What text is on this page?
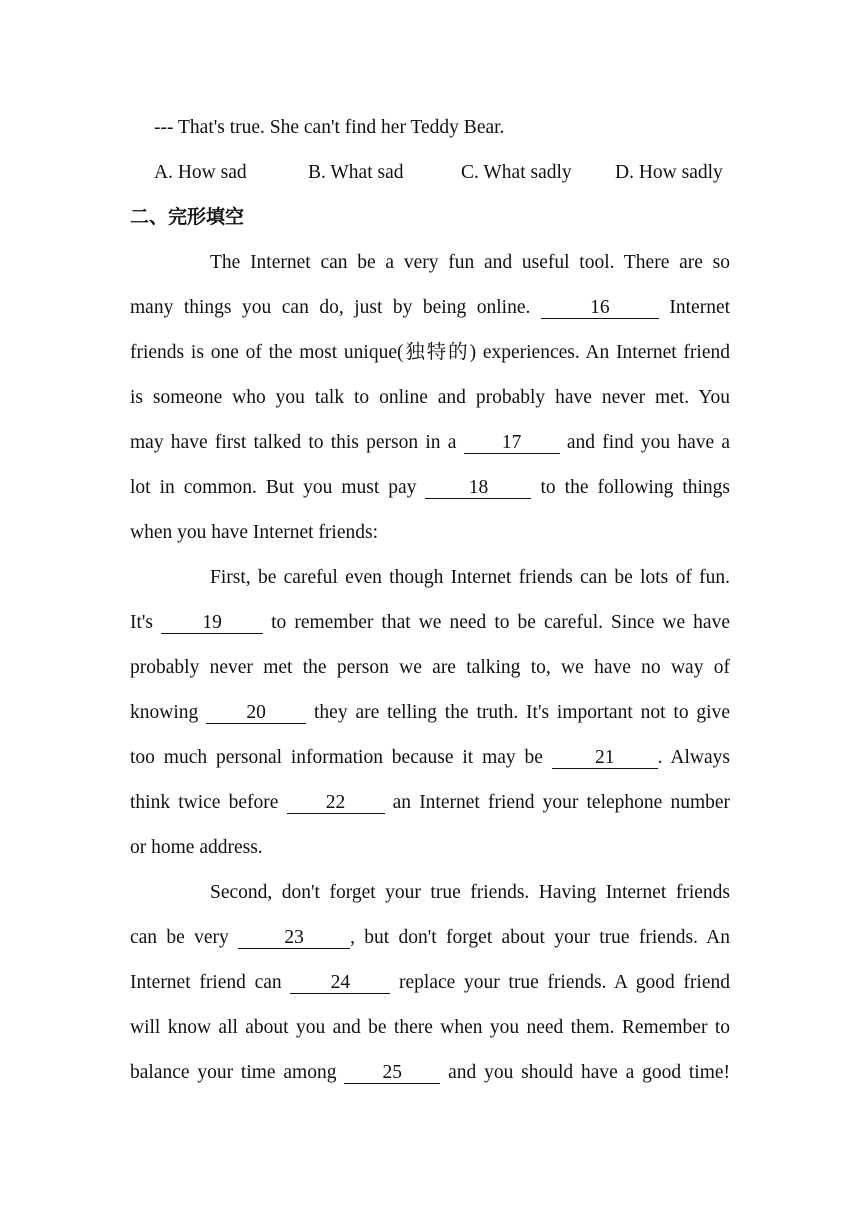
--- That's true. She can't find her Teddy Bear.
A. How sad	B. What sad	C. What sadly D. How sadly
二、完形填空
The Internet can be a very fun and useful tool. There are so
many things you can do, just by being online.	16	Internet
friends is one of the most unique(独特的) experiences. An Internet friend
is someone who you talk to online and probably have never met. You
may have first talked to this person in a 17 and find you have a
lot in common. But you must pay	18	to the following things
when you have Internet friends:
First, be careful even though Internet friends can be lots of fun.
It's	19	to remember that we need to be careful. Since we have
probably never met the person we are talking to, we have no way of
knowing 20 they are telling the truth. It's important not to give
too much personal information because it may be	21 . Always
think twice before 22 an Internet friend your telephone number
or home address.
Second, don't forget your true friends. Having Internet friends
can be very	23 , but don't forget about your true friends. An
Internet friend can	24	replace your true friends. A good friend
will know all about you and be there when you need them. Remember to
balance your time among 25 and you should have a good time!
